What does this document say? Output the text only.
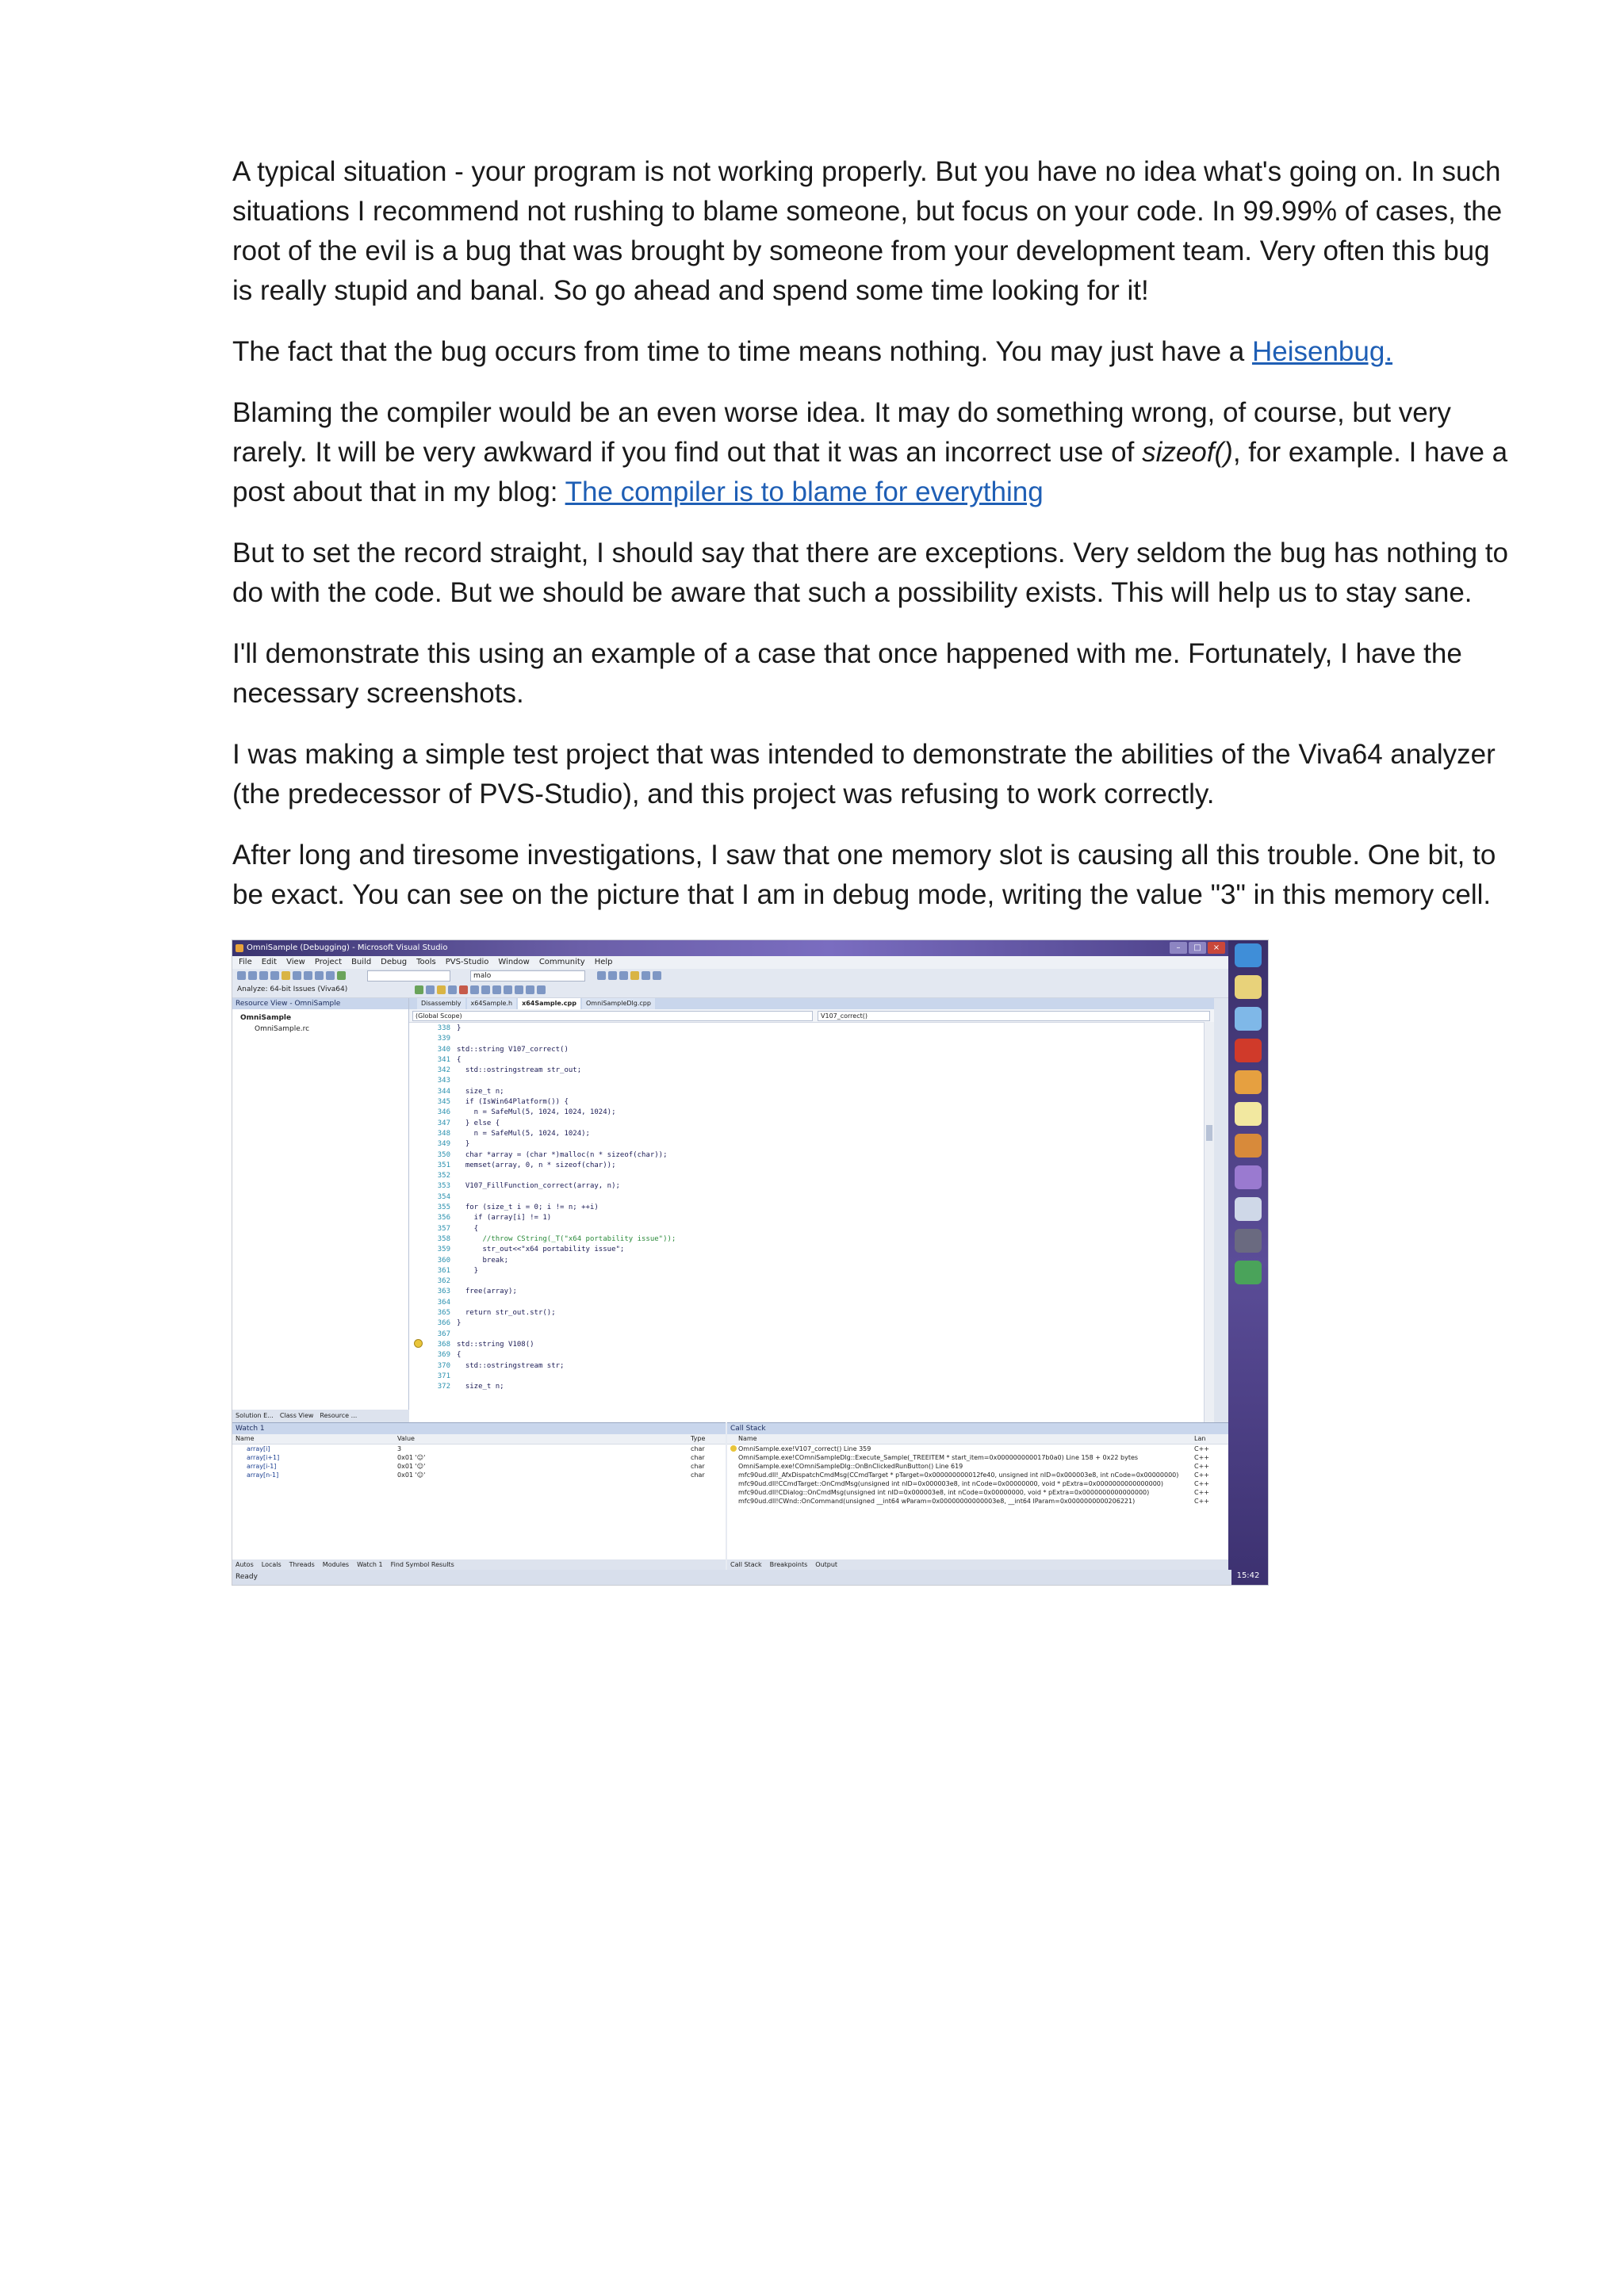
A typical situation - your program is not working properly. But you have no idea what's going on. In such situations I recommend not rushing to blame someone, but focus on your code. In 99.99% of cases, the root of the evil is a bug that was brought by someone from your development team. Very often this bug is really stupid and banal. So go ahead and spend some time looking for it!

The fact that the bug occurs from time to time means nothing. You may just have a Heisenbug.

Blaming the compiler would be an even worse idea. It may do something wrong, of course, but very rarely. It will be very awkward if you find out that it was an incorrect use of sizeof(), for example. I have a post about that in my blog: The compiler is to blame for everything

But to set the record straight, I should say that there are exceptions. Very seldom the bug has nothing to do with the code. But we should be aware that such a possibility exists. This will help us to stay sane.

I'll demonstrate this using an example of a case that once happened with me. Fortunately, I have the necessary screenshots.

I was making a simple test project that was intended to demonstrate the abilities of the Viva64 analyzer (the predecessor of PVS-Studio), and this project was refusing to work correctly.

After long and tiresome investigations, I saw that one memory slot is causing all this trouble. One bit, to be exact. You can see on the picture that I am in debug mode, writing the value "3" in this memory cell.

OmniSample (Debugging) - Microsoft Visual Studio	–	□	×
File Edit View Project Build Debug Tools PVS-Studio Window Community Help
malo
Analyze: 64-bit Issues (Viva64)
Resource View - OmniSample
OmniSample
OmniSample.rc
Solution E... Class View Resource ...
Disassembly	x64Sample.h	x64Sample.cpp	OmniSampleDlg.cpp
(Global Scope)	V107_correct()
338 }
339
340 std::string V107_correct()
341 {
342 std::ostringstream str_out;
343
344 size_t n;
345 if (IsWin64Platform()) {
346 n = SafeMul(5, 1024, 1024, 1024);
347 } else {
348 n = SafeMul(5, 1024, 1024);
349 }
350 char *array = (char *)malloc(n * sizeof(char));
351 memset(array, 0, n * sizeof(char));
352
353 V107_FillFunction_correct(array, n);
354
355 for (size_t i = 0; i != n; ++i)
356 if (array[i] != 1)
357 {
358 //throw CString(_T("x64 portability issue"));
359 str_out<<"x64 portability issue";
360 break;
361 }
362
363 free(array);
364
365 return str_out.str();
366 }
367
368 std::string V108()
369 {
370 std::ostringstream str;
371
372 size_t n;
15:42
Watch 1
Name	Value	Type
array[i]	3	char
array[i+1]	0x01 '☺'	char
array[i-1]	0x01 '☺'	char
array[n-1]	0x01 '☺'	char
Autos Locals Threads Modules Watch 1 Find Symbol Results
Call Stack
Name	Lan
OmniSample.exe!V107_correct() Line 359	C++
OmniSample.exe!COmniSampleDlg::Execute_Sample(_TREEITEM * start_item=0x000000000017b0a0) Line 158 + 0x22 bytes	C++
OmniSample.exe!COmniSampleDlg::OnBnClickedRunButton() Line 619	C++
mfc90ud.dll!_AfxDispatchCmdMsg(CCmdTarget * pTarget=0x000000000012fe40, unsigned int nID=0x000003e8, int nCode=0x00000000)	C++
mfc90ud.dll!CCmdTarget::OnCmdMsg(unsigned int nID=0x000003e8, int nCode=0x00000000, void * pExtra=0x0000000000000000)	C++
mfc90ud.dll!CDialog::OnCmdMsg(unsigned int nID=0x000003e8, int nCode=0x00000000, void * pExtra=0x0000000000000000)	C++
mfc90ud.dll!CWnd::OnCommand(unsigned __int64 wParam=0x00000000000003e8, __int64 lParam=0x0000000000206221)	C++
Call Stack Breakpoints Output
Ready
